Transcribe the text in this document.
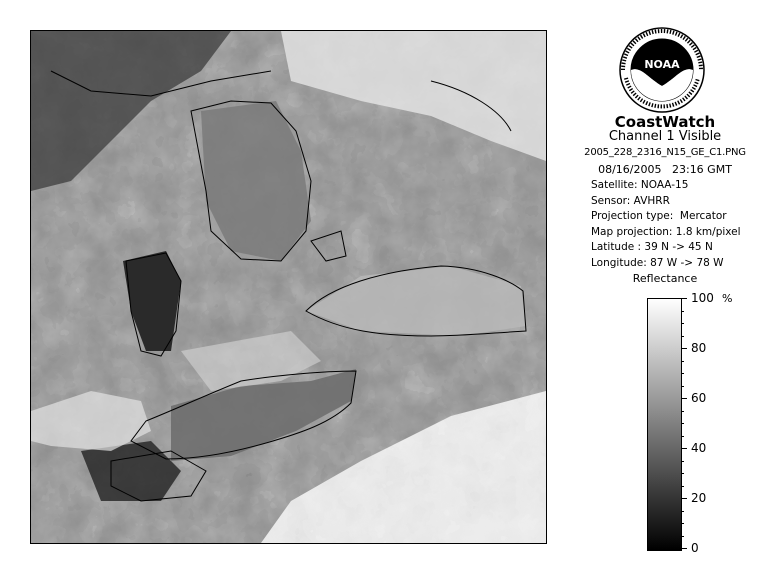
NOAA
CoastWatch
Channel 1 Visible
2005_228_2316_N15_GE_C1.PNG
08/16/2005 23:16 GMT
Satellite: NOAA-15
Sensor: AVHRR
Projection type:  Mercator
Map projection: 1.8 km/pixel
Latitude : 39 N -> 45 N
Longitude: 87 W -> 78 W
Reflectance
%
100
80
60
40
20
0
